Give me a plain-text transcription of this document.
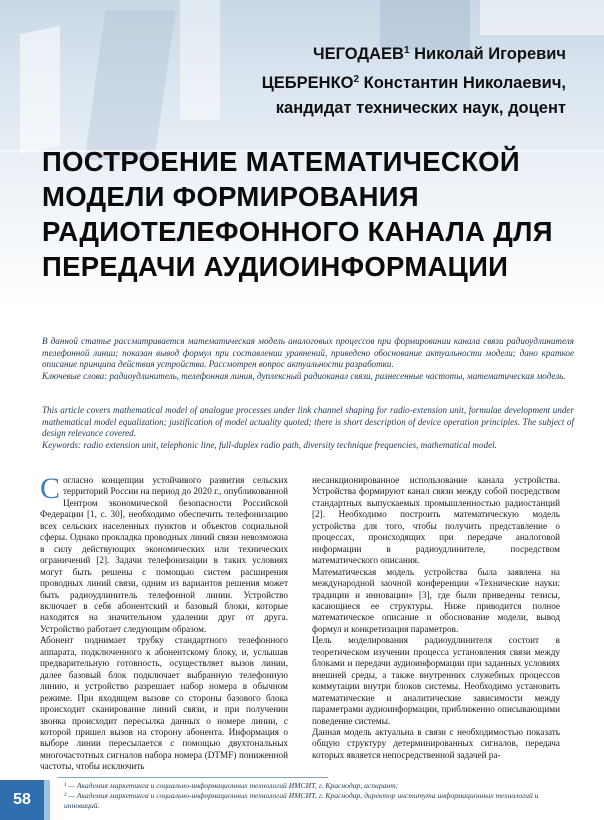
ЧЕГОДАЕВ$^1$ Николай Игоревич
ЦЕБРЕНКО$^2$ Константин Николаевич,
кандидат технических наук, доцент
ПОСТРОЕНИЕ МАТЕМАТИЧЕСКОЙ
МОДЕЛИ ФОРМИРОВАНИЯ
РАДИОТЕЛЕФОННОГО КАНАЛА ДЛЯ
ПЕРЕДАЧИ АУДИОИНФОРМАЦИИ

В данной статье рассматривается математическая модель аналоговых процессов при формировании канала связи радиоудлинителя телефонной линии; показан вывод формул при составлении уравнений, приведено обоснование актуальности модели; дано краткое описание принципа действия устройства. Рассмотрен вопрос актуальности разработки.

Ключевые слова: радиоудлинитель, телефонная линия, дуплексный радиоканал связи, разнесенные частоты, математическая модель.

This article covers mathematical model of analogue processes under link channel shaping for radio-extension unit, formulae development under mathematical model equalization; justification of model actuality quoted; there is short description of device operation principles. The subject of design relevance covered.

Keywords: radio extension unit, telephonic line, full-duplex radio path, diversity technique frequencies, mathematical model.

Согласно концепции устойчивого развития сельских территорий России на период до 2020 г., опубликованной Центром экономической безопасности Российской Федерации [1, с. 30], необходимо обеспечить телефонизацию всех сельских населенных пунктов и объектов социальной сферы. Однако прокладка проводных линий связи невозможна в силу действующих экономических или технических ограничений [2]. Задачи телефонизации в таких условиях могут быть решены с помощью систем расширения проводных линий связи, одним из вариантов решения может быть радиоудлинитель телефонной линии. Устройство включает в себя абонентский и базовый блоки, которые находятся на значительном удалении друг от друга. Устройство работает следующим образом.

Абонент поднимает трубку стандартного телефонного аппарата, подключенного к абонентскому блоку, и, услышав предварительную готовность, осуществляет вызов линии, далее базовый блок подключает выбранную телефонную линию, и устройство разрешает набор номера в обычном режиме. При входящем вызове со стороны базового блока происходит сканирование линий связи, и при получении звонка происходит пересылка данных о номере линии, с которой пришел вызов на сторону абонента. Информация о выборе линии пересылается с помощью двухтональных многочастотных сигналов набора номера (DTMF) пониженной частоты, чтобы исключить

несанкционированное использование канала устройства. Устройства формируют канал связи между собой посредством стандартных выпускаемых промышленностью радиостанций [2]. Необходимо построить математическую модель устройства для того, чтобы получить представление о процессах, происходящих при передаче аналоговой информации в радиоудлинителе, посредством математического описания.

Математическая модель устройства была заявлена на международной заочной конференции «Технические науки: традиции и инновации» [3], где были приведены тезисы, касающиеся ее структуры. Ниже приводится полное математическое описание и обоснование модели, вывод формул и конкретизация параметров.

Цель моделирования радиоудлинителя состоит в теоретическом изучении процесса установления связи между блоками и передачи аудиоинформации при заданных условиях внешней среды, а также внутренних служебных процессов коммутации внутри блоков системы. Необходимо установить математические и аналитические зависимости между параметрами аудиоинформации, приближенно описывающими поведение системы.

Данная модель актуальна в связи с необходимостью показать общую структуру детерминированных сигналов, передача которых является непосредственной задачей ра-

¹ — Академия маркетинга и социально-информационных технологий ИМСИТ, г. Краснодар, аспирант;

² — Академия маркетинга и социально-информационных технологий ИМСИТ, г. Краснодар, директор института информационных технологий и инноваций.

58
